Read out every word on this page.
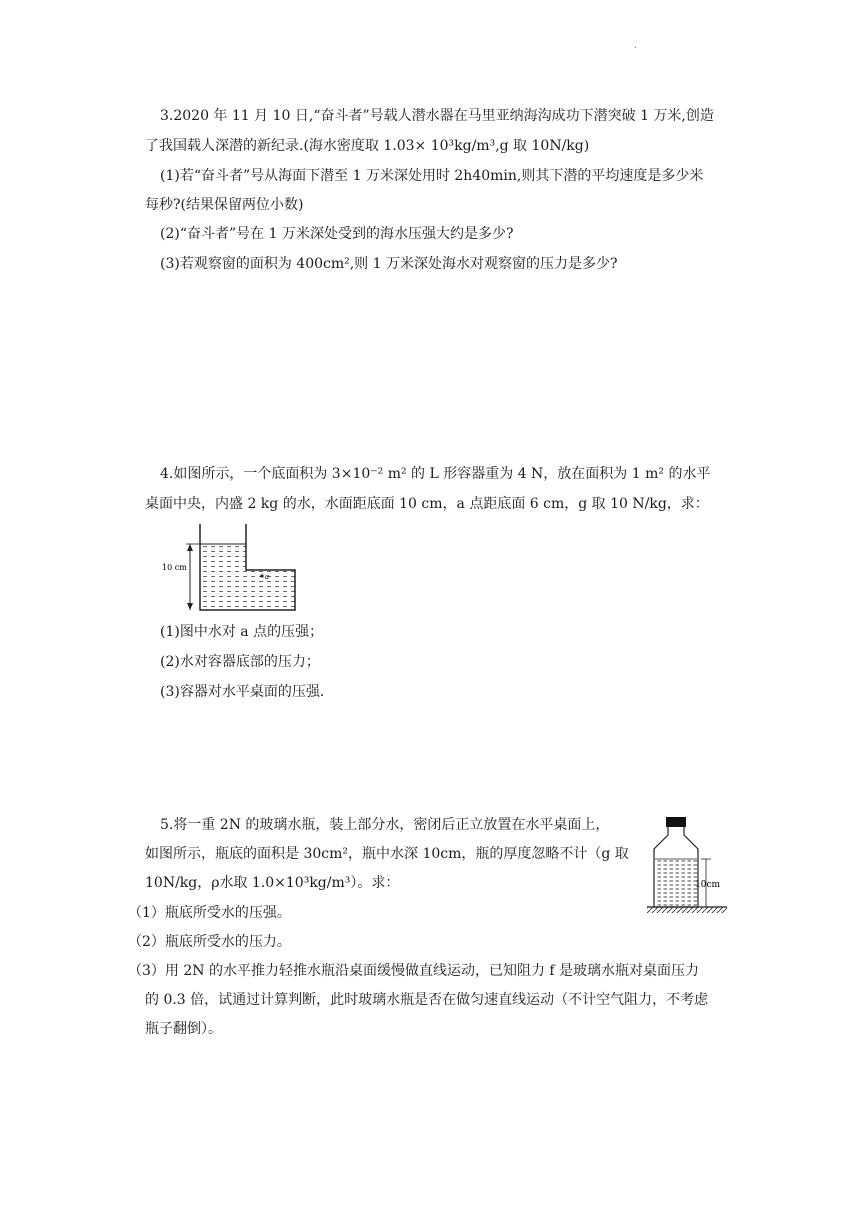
.
3.2020 年 11 月 10 日,“奋斗者”号载人潜水器在马里亚纳海沟成功下潜突破 1 万米,创造
了我国载人深潜的新纪录.(海水密度取 1.03× 10³kg/m³,g 取 10N/kg)
(1)若“奋斗者”号从海面下潜至 1 万米深处用时 2h40min,则其下潜的平均速度是多少米
每秒?(结果保留两位小数)
(2)“奋斗者”号在 1 万米深处受到的海水压强大约是多少?
(3)若观察窗的面积为 400cm²,则 1 万米深处海水对观察窗的压力是多少?
4.如图所示，一个底面积为 3×10⁻² m² 的 L 形容器重为 4 N，放在面积为 1 m² 的水平
桌面中央，内盛 2 kg 的水，水面距底面 10 cm，a 点距底面 6 cm，g 取 10 N/kg，求：
a
10 cm
(1)图中水对 a 点的压强；
(2)水对容器底部的压力；
(3)容器对水平桌面的压强.
5.将一重 2N 的玻璃水瓶，装上部分水，密闭后正立放置在水平桌面上，
如图所示，瓶底的面积是 30cm²，瓶中水深 10cm，瓶的厚度忽略不计（g 取
10N/kg，ρ水取 1.0×10³kg/m³）。求：
（1）瓶底所受水的压强。
（2）瓶底所受水的压力。
（3）用 2N 的水平推力轻推水瓶沿桌面缓慢做直线运动，已知阻力 f 是玻璃水瓶对桌面压力
的 0.3 倍，试通过计算判断，此时玻璃水瓶是否在做匀速直线运动（不计空气阻力，不考虑
瓶子翻倒）。
10cm
